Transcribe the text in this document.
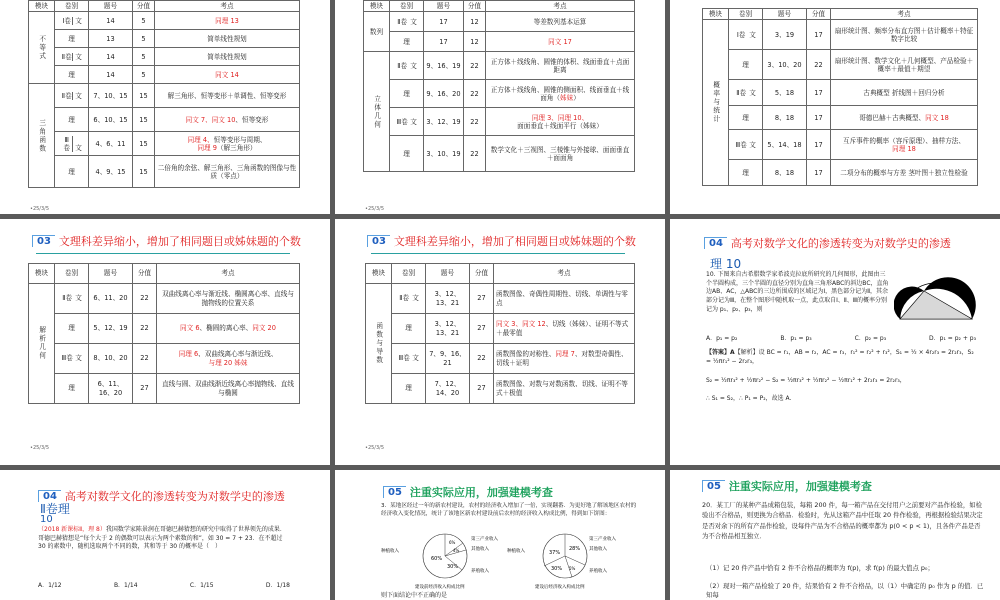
模块	卷别	题号	分值	考点
不等式	Ⅰ卷 文	14	5	同理 13
	理	13	5	简单线性规划
	Ⅱ卷 文	14	5	简单线性规划
	理	14	5	同文 14
三角函数	Ⅱ卷 文	7、10、15	15	解三角形、恒等变形＋单调性、恒等变形
	理	6、10、15	15	同文 7、同文 10、恒等变形
	Ⅲ卷 文	4、6、11	15	同理 4、恒等变形与周期、
同理 9（解三角形）
	理	4、9、15	15	二倍角的余弦、解三角形、三角函数的图像与性质（零点）
•25/3/5
模块	卷别	题号	分值	考点
数列	Ⅱ卷 文	17	12	等差数列基本运算
	理	17	12	同文 17
立体几何	Ⅱ卷 文	9、16、19	22	正方体＋线线角、圆锥的体积、线面垂直＋点面距离
	理	9、16、20	22	正方体＋线线角、圆锥的侧面积、线面垂直＋线面角（姊妹）
	Ⅲ卷 文	3、12、19	22	同理 3、同理 10、
面面垂直＋线面平行（姊妹）
	理	3、10、19	22	数学文化＋三视图、三棱锥与外接球、面面垂直＋面面角
•25/3/5
模块	卷别	题号	分值	考点
概率与统计	Ⅰ卷 文	3、19	17	扇形统计图、频率分布直方图＋估计概率＋特征数字比较
	理	3、10、20	22	扇形统计图、数学文化＋几何概型、产品检验＋概率＋最值＋期望
	Ⅱ卷 文	5、18	17	古典概型 折线图＋回归分析
	理	8、18	17	哥德巴赫＋古典概型、同文 18
	Ⅲ卷 文	5、14、18	17	互斥事件的概率（容斥原理）、抽样方法、
同理 18
	理	8、18	17	二项分布的概率与方差 茎叶图＋独立性检验
03 文理科差异缩小，增加了相同题目或姊妹题的个数
模块	卷别	题号	分值	考点
解析几何	Ⅱ卷 文	6、11、20	22	双曲线离心率与渐近线、椭圆离心率、直线与抛物线的位置关系
	理	5、12、19	22	同文 6、椭圆的离心率、同文 20
	Ⅲ卷 文	8、10、20	22	同理 6、双曲线离心率与渐近线、
与理 20 姊妹
	理	6、11、16、20	27	直线与圆、双曲线渐近线离心率抛物线、直线与椭圆
•25/3/5
03 文理科差异缩小，增加了相同题目或姊妹题的个数
模块	卷别	题号	分值	考点
函数与导数	Ⅱ卷 文	3、12、13、21	27	函数图像、奇偶性周期性、切线、单调性与零点
	理	3、12、13、21	27	同文 3、同文 12、切线（姊妹）、证明不等式＋最零值
	Ⅲ卷 文	7、9、16、21	22	函数图像的对称性、同理 7、对数型奇偶性、切线＋证明
	理	7、12、14、20	27	函数图像、对数与对数函数、切线、证明不等式＋极值
•25/3/5
04 高考对数学文化的渗透转变为对数学史的渗透
理 10
10. 下图来自古希腊数学家希波克拉底所研究的几何图形，此图由三个半圆构成，三个半圆的直径分别为直角三角形ABC的斜边BC，直角边AB、AC，△ABC的三边所围成的区域记为Ⅰ，黑色部分记为Ⅱ，其余部分记为Ⅲ，在整个图形中随机取一点，此点取自Ⅰ、Ⅱ、Ⅲ的概率分别记为 p₁、p₂、p₃，则
A．p₁ = p₂	B．p₁ = p₃	C．p₂ = p₃	D．p₁ = p₂ + p₃
【答案】A【解析】设 BC = r₁，AB = r₂，AC = r₃，r₁² = r₂² + r₃²，S₁ = ½ × 4r₂r₃ = 2r₂r₃，S₂ = ½πr₁² − 2r₂r₃，
S₂ = ½πr₃² + ½πr₂² − S₂ = ½πr₃² + ½πr₂² − ½πr₁² + 2r₂r₃ = 2r₂r₃，
∴ S₁ = S₂，∴ P₁ = P₂，故选 A.
04 高考对数学文化的渗透转变为对数学史的渗透
Ⅱ卷理
10
（2018 新课标Ⅱ，理 8）我国数学家陈景润在哥德巴赫猜想的研究中取得了世界领先的成果．哥德巴赫猜想是“每个大于 2 的偶数可以表示为两个素数的和”，如 30 = 7 + 23．在不超过 30 的素数中，随机选取两个不同的数，其和等于 30 的概率是（　）
A．1/12	B．1/14	C．1/15	D．1/18
05 注重实际应用，加强建模考查
3．某地区经过一年的新农村建设，农村的经济收入增加了一倍，实现翻番．为更好地了解该地区农村的经济收入变化情况，统计了该地区新农村建设前后农村的经济收入构成比例，得到如下饼图：
60%
6%
4%
30%
种植收入
第三产业收入
其他收入
养殖收入
建设前经济收入构成比例
37%
28%
5%
30%
种植收入
第三产业收入
其他收入
养殖收入
建设后经济收入构成比例
则下面结论中不正确的是
05 注重实际应用，加强建模考查
20．某工厂的某种产品成箱包装，每箱 200 件，每一箱产品在交付用户之前要对产品作检验，如检验出不合格品，则更换为合格品．检验时，先从这箱产品中任取 20 件作检验，再根据检验结果决定是否对余下的所有产品作检验，设每件产品为不合格品的概率都为 p(0 < p < 1)，且各件产品是否为不合格品相互独立．
（1）记 20 件产品中恰有 2 件不合格品的概率为 f(p)，求 f(p) 的最大值点 p₀；
（2）现对一箱产品检验了 20 件，结果恰有 2 件不合格品，以（1）中确定的 p₀ 作为 p 的值．已知每
